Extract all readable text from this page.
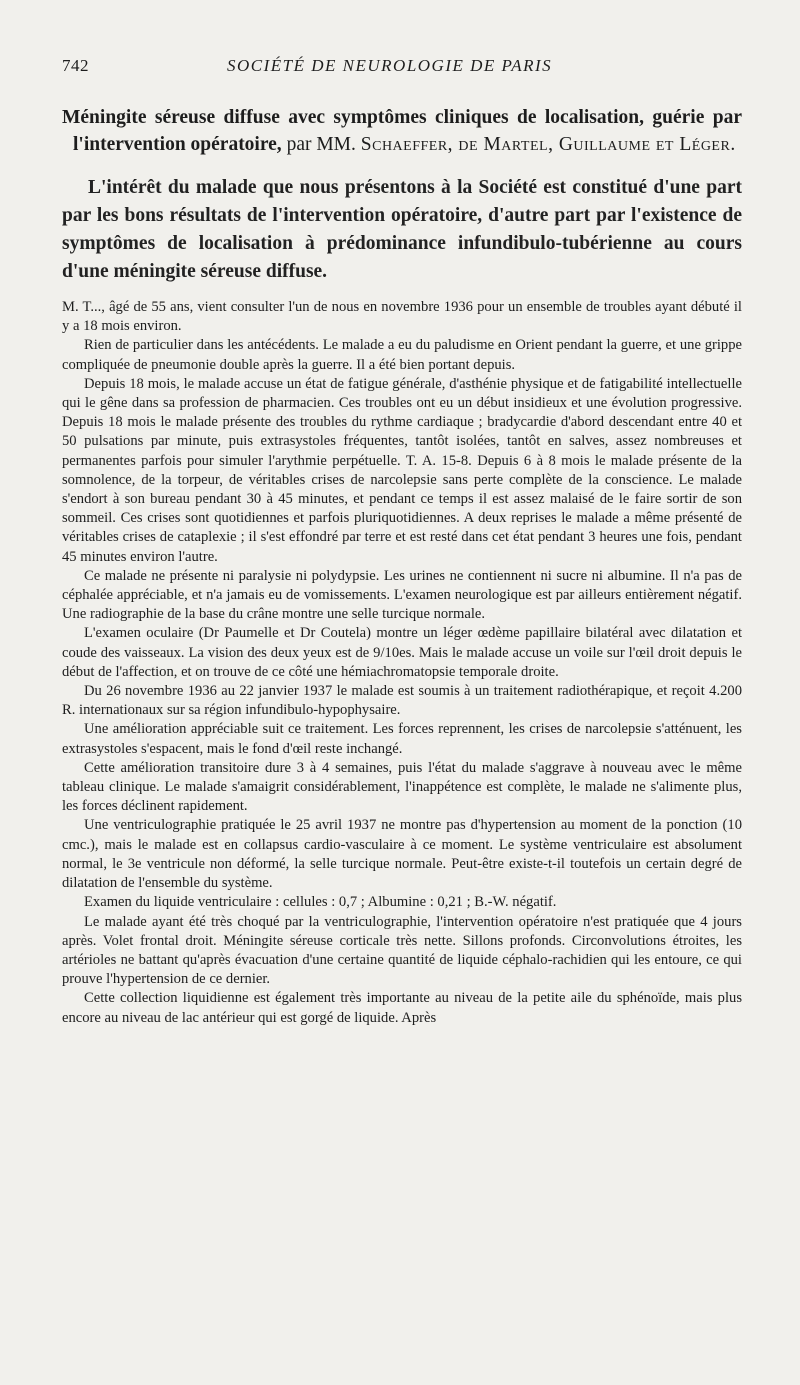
742	SOCIÉTÉ DE NEUROLOGIE DE PARIS
Méningite séreuse diffuse avec symptômes cliniques de localisation, guérie par l'intervention opératoire, par MM. Schaeffer, de Martel, Guillaume et Léger.
L'intérêt du malade que nous présentons à la Société est constitué d'une part par les bons résultats de l'intervention opératoire, d'autre part par l'existence de symptômes de localisation à prédominance infundibulo-tubérienne au cours d'une méningite séreuse diffuse.

M. T..., âgé de 55 ans, vient consulter l'un de nous en novembre 1936 pour un ensemble de troubles ayant débuté il y a 18 mois environ.

Rien de particulier dans les antécédents. Le malade a eu du paludisme en Orient pendant la guerre, et une grippe compliquée de pneumonie double après la guerre. Il a été bien portant depuis.

Depuis 18 mois, le malade accuse un état de fatigue générale, d'asthénie physique et de fatigabilité intellectuelle qui le gêne dans sa profession de pharmacien. Ces troubles ont eu un début insidieux et une évolution progressive. Depuis 18 mois le malade présente des troubles du rythme cardiaque ; bradycardie d'abord descendant entre 40 et 50 pulsations par minute, puis extrasystoles fréquentes, tantôt isolées, tantôt en salves, assez nombreuses et permanentes parfois pour simuler l'arythmie perpétuelle. T. A. 15-8. Depuis 6 à 8 mois le malade présente de la somnolence, de la torpeur, de véritables crises de narcolepsie sans perte complète de la conscience. Le malade s'endort à son bureau pendant 30 à 45 minutes, et pendant ce temps il est assez malaisé de le faire sortir de son sommeil. Ces crises sont quotidiennes et parfois pluriquotidiennes. A deux reprises le malade a même présenté de véritables crises de cataplexie ; il s'est effondré par terre et est resté dans cet état pendant 3 heures une fois, pendant 45 minutes environ l'autre.

Ce malade ne présente ni paralysie ni polydypsie. Les urines ne contiennent ni sucre ni albumine. Il n'a pas de céphalée appréciable, et n'a jamais eu de vomissements. L'examen neurologique est par ailleurs entièrement négatif. Une radiographie de la base du crâne montre une selle turcique normale.

L'examen oculaire (Dr Paumelle et Dr Coutela) montre un léger œdème papillaire bilatéral avec dilatation et coude des vaisseaux. La vision des deux yeux est de 9/10es. Mais le malade accuse un voile sur l'œil droit depuis le début de l'affection, et on trouve de ce côté une hémiachromatopsie temporale droite.

Du 26 novembre 1936 au 22 janvier 1937 le malade est soumis à un traitement radiothérapique, et reçoit 4.200 R. internationaux sur sa région infundibulo-hypophysaire.

Une amélioration appréciable suit ce traitement. Les forces reprennent, les crises de narcolepsie s'atténuent, les extrasystoles s'espacent, mais le fond d'œil reste inchangé.

Cette amélioration transitoire dure 3 à 4 semaines, puis l'état du malade s'aggrave à nouveau avec le même tableau clinique. Le malade s'amaigrit considérablement, l'inappétence est complète, le malade ne s'alimente plus, les forces déclinent rapidement.

Une ventriculographie pratiquée le 25 avril 1937 ne montre pas d'hypertension au moment de la ponction (10 cmc.), mais le malade est en collapsus cardio-vasculaire à ce moment. Le système ventriculaire est absolument normal, le 3e ventricule non déformé, la selle turcique normale. Peut-être existe-t-il toutefois un certain degré de dilatation de l'ensemble du système.

Examen du liquide ventriculaire : cellules : 0,7 ; Albumine : 0,21 ; B.-W. négatif.

Le malade ayant été très choqué par la ventriculographie, l'intervention opératoire n'est pratiquée que 4 jours après. Volet frontal droit. Méningite séreuse corticale très nette. Sillons profonds. Circonvolutions étroites, les artérioles ne battant qu'après évacuation d'une certaine quantité de liquide céphalo-rachidien qui les entoure, ce qui prouve l'hypertension de ce dernier.

Cette collection liquidienne est également très importante au niveau de la petite aile du sphénoïde, mais plus encore au niveau de lac antérieur qui est gorgé de liquide. Après
